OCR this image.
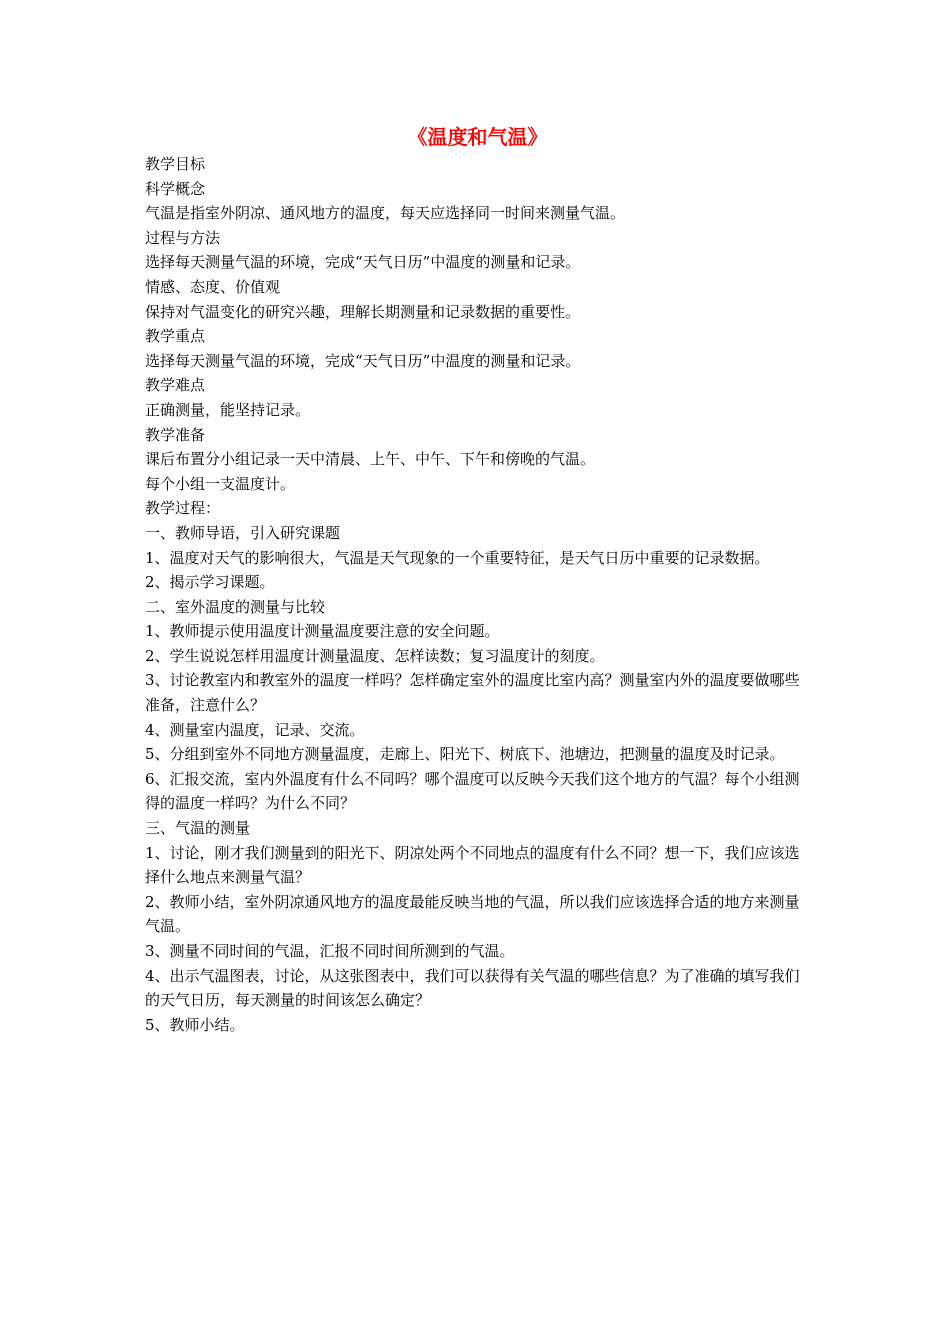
《温度和气温》

教学目标

科学概念

气温是指室外阴凉、通风地方的温度，每天应选择同一时间来测量气温。

过程与方法

选择每天测量气温的环境，完成“天气日历”中温度的测量和记录。

情感、态度、价值观

保持对气温变化的研究兴趣，理解长期测量和记录数据的重要性。

教学重点

选择每天测量气温的环境，完成“天气日历”中温度的测量和记录。

教学难点

正确测量，能坚持记录。

教学准备

课后布置分小组记录一天中清晨、上午、中午、下午和傍晚的气温。

每个小组一支温度计。

教学过程：

一、教师导语，引入研究课题

1、温度对天气的影响很大，气温是天气现象的一个重要特征，是天气日历中重要的记录数据。

2、揭示学习课题。

二、室外温度的测量与比较

1、教师提示使用温度计测量温度要注意的安全问题。

2、学生说说怎样用温度计测量温度、怎样读数；复习温度计的刻度。

3、讨论教室内和教室外的温度一样吗？怎样确定室外的温度比室内高？测量室内外的温度要做哪些准备，注意什么？

4、测量室内温度，记录、交流。

5、分组到室外不同地方测量温度，走廊上、阳光下、树底下、池塘边，把测量的温度及时记录。

6、汇报交流，室内外温度有什么不同吗？哪个温度可以反映今天我们这个地方的气温？每个小组测得的温度一样吗？为什么不同？

三、气温的测量

1、讨论，刚才我们测量到的阳光下、阴凉处两个不同地点的温度有什么不同？想一下，我们应该选择什么地点来测量气温？

2、教师小结，室外阴凉通风地方的温度最能反映当地的气温，所以我们应该选择合适的地方来测量气温。

3、测量不同时间的气温，汇报不同时间所测到的气温。

4、出示气温图表，讨论，从这张图表中，我们可以获得有关气温的哪些信息？为了准确的填写我们的天气日历，每天测量的时间该怎么确定？

5、教师小结。
